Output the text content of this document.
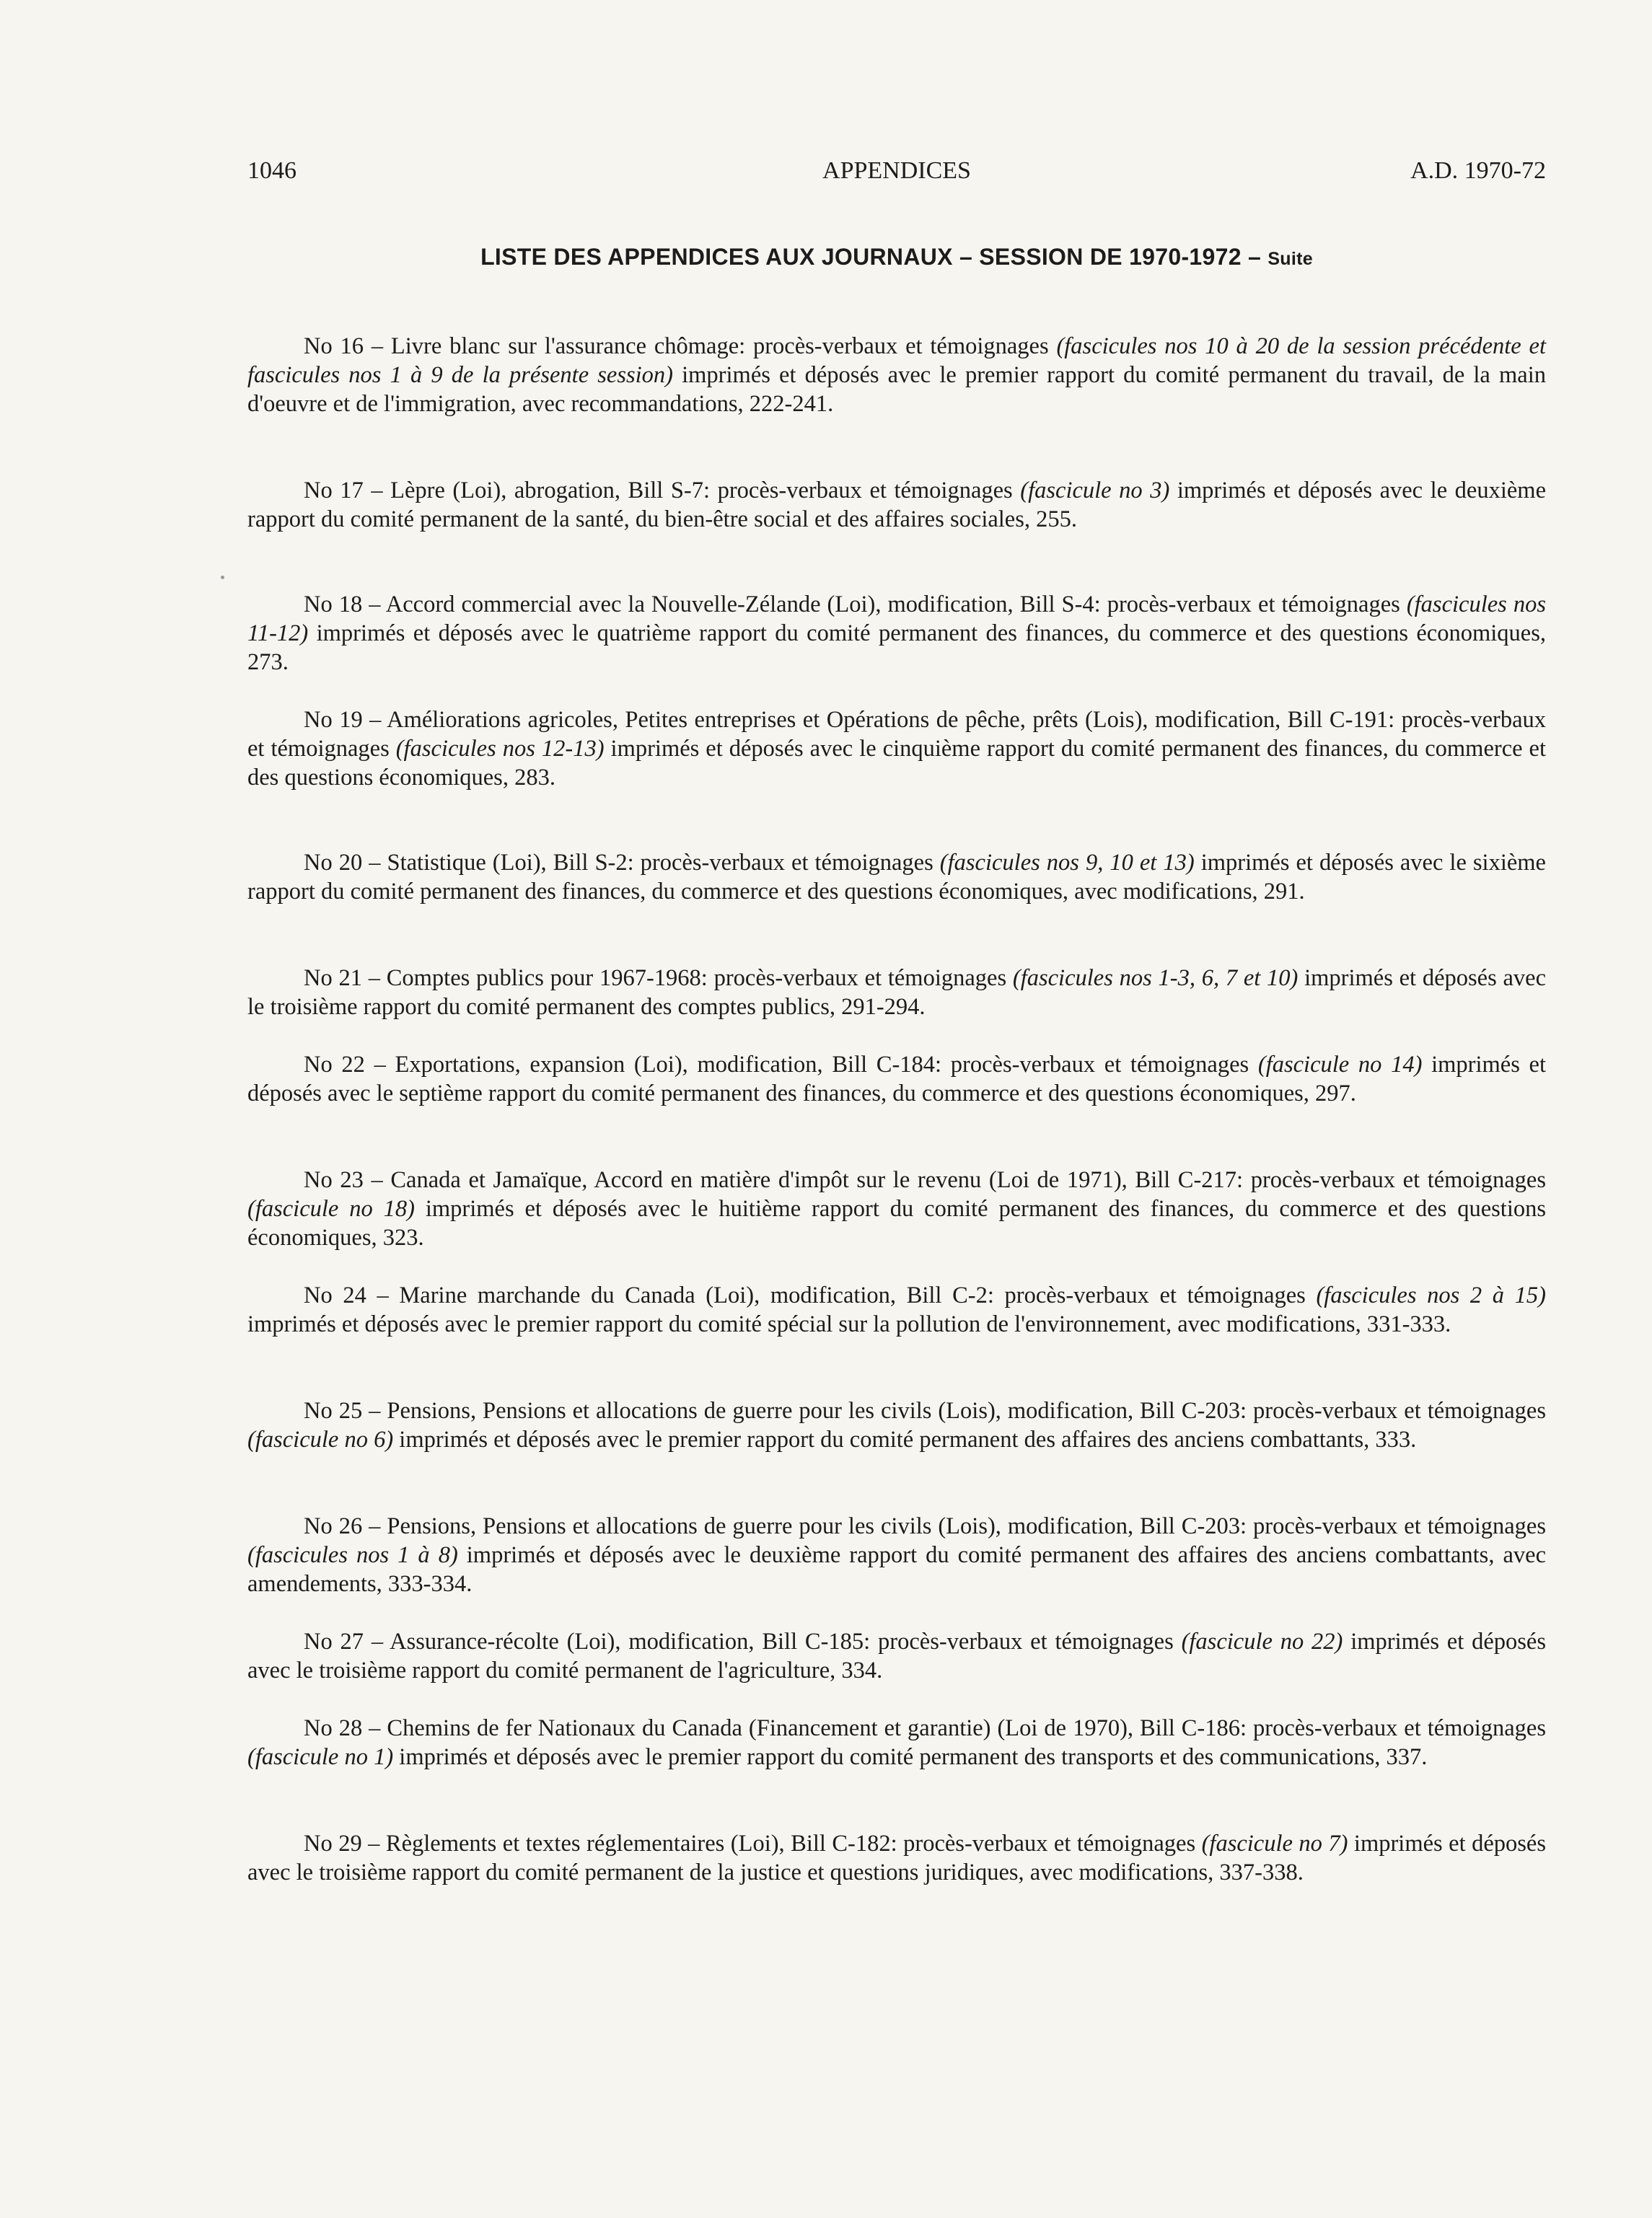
1046	APPENDICES	A.D. 1970-72
LISTE DES APPENDICES AUX JOURNAUX – SESSION DE 1970-1972 – Suite

No 16 – Livre blanc sur l'assurance chômage: procès-verbaux et témoignages (fascicules nos 10 à 20 de la session précédente et fascicules nos 1 à 9 de la présente session) imprimés et déposés avec le premier rapport du comité permanent du travail, de la main d'oeuvre et de l'immigration, avec recommandations, 222-241.

No 17 – Lèpre (Loi), abrogation, Bill S-7: procès-verbaux et témoignages (fascicule no 3) imprimés et déposés avec le deuxième rapport du comité permanent de la santé, du bien-être social et des affaires sociales, 255.

No 18 – Accord commercial avec la Nouvelle-Zélande (Loi), modification, Bill S-4: procès-verbaux et témoignages (fascicules nos 11-12) imprimés et déposés avec le quatrième rapport du comité permanent des finances, du commerce et des questions économiques, 273.

No 19 – Améliorations agricoles, Petites entreprises et Opérations de pêche, prêts (Lois), modification, Bill C-191: procès-verbaux et témoignages (fascicules nos 12-13) imprimés et déposés avec le cinquième rapport du comité permanent des finances, du commerce et des questions économiques, 283.

No 20 – Statistique (Loi), Bill S-2: procès-verbaux et témoignages (fascicules nos 9, 10 et 13) imprimés et déposés avec le sixième rapport du comité permanent des finances, du commerce et des questions économiques, avec modifications, 291.

No 21 – Comptes publics pour 1967-1968: procès-verbaux et témoignages (fascicules nos 1-3, 6, 7 et 10) imprimés et déposés avec le troisième rapport du comité permanent des comptes publics, 291-294.

No 22 – Exportations, expansion (Loi), modification, Bill C-184: procès-verbaux et témoignages (fascicule no 14) imprimés et déposés avec le septième rapport du comité permanent des finances, du commerce et des questions économiques, 297.

No 23 – Canada et Jamaïque, Accord en matière d'impôt sur le revenu (Loi de 1971), Bill C-217: procès-verbaux et témoignages (fascicule no 18) imprimés et déposés avec le huitième rapport du comité permanent des finances, du commerce et des questions économiques, 323.

No 24 – Marine marchande du Canada (Loi), modification, Bill C-2: procès-verbaux et témoignages (fascicules nos 2 à 15) imprimés et déposés avec le premier rapport du comité spécial sur la pollution de l'environnement, avec modifications, 331-333.

No 25 – Pensions, Pensions et allocations de guerre pour les civils (Lois), modification, Bill C-203: procès-verbaux et témoignages (fascicule no 6) imprimés et déposés avec le premier rapport du comité permanent des affaires des anciens combattants, 333.

No 26 – Pensions, Pensions et allocations de guerre pour les civils (Lois), modification, Bill C-203: procès-verbaux et témoignages (fascicules nos 1 à 8) imprimés et déposés avec le deuxième rapport du comité permanent des affaires des anciens combattants, avec amendements, 333-334.

No 27 – Assurance-récolte (Loi), modification, Bill C-185: procès-verbaux et témoignages (fascicule no 22) imprimés et déposés avec le troisième rapport du comité permanent de l'agriculture, 334.

No 28 – Chemins de fer Nationaux du Canada (Financement et garantie) (Loi de 1970), Bill C-186: procès-verbaux et témoignages (fascicule no 1) imprimés et déposés avec le premier rapport du comité permanent des transports et des communications, 337.

No 29 – Règlements et textes réglementaires (Loi), Bill C-182: procès-verbaux et témoignages (fascicule no 7) imprimés et déposés avec le troisième rapport du comité permanent de la justice et questions juridiques, avec modifications, 337-338.
